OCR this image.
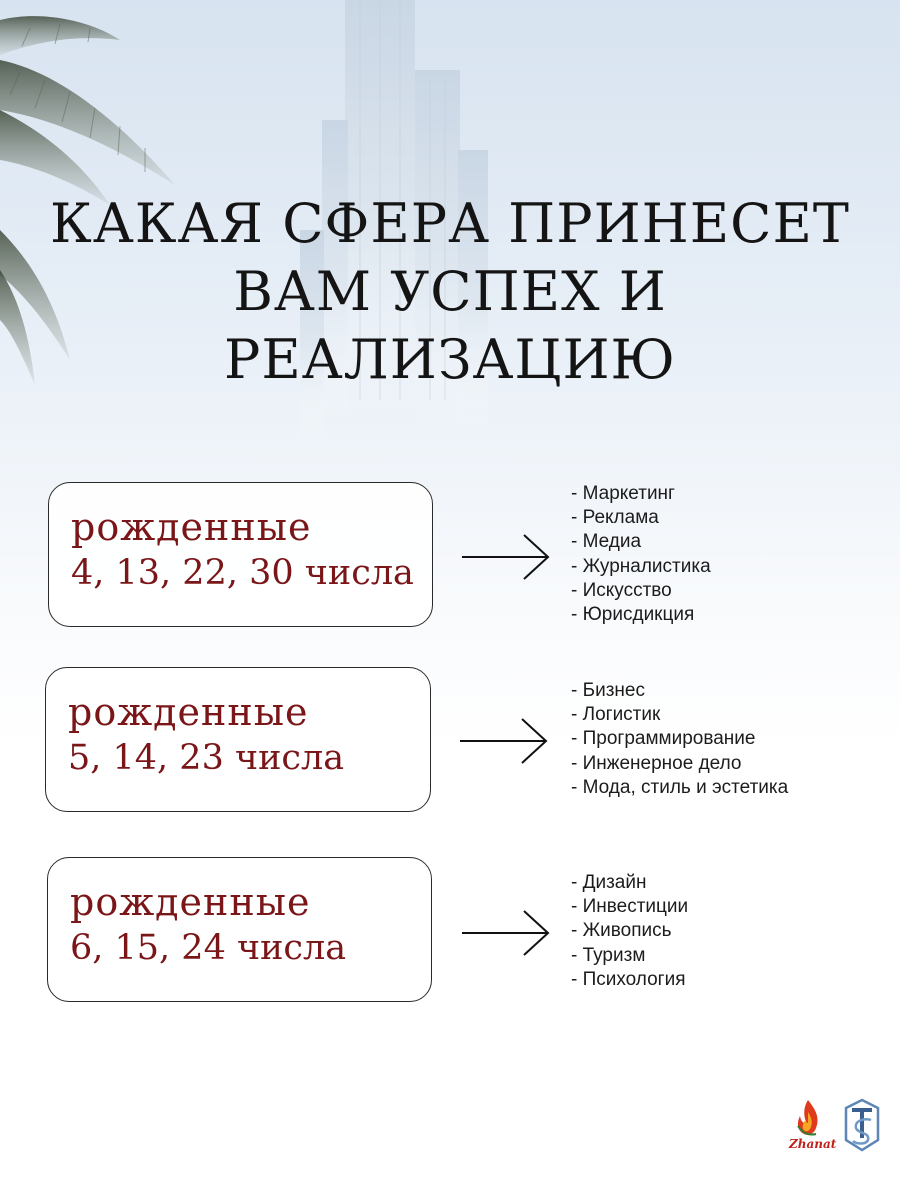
КАКАЯ СФЕРА ПРИНЕСЕТ
ВАМ УСПЕХ И
РЕАЛИЗАЦИЮ
рожденные
4, 13, 22, 30 числа
- Маркетинг
- Реклама
- Медиа
- Журналистика
- Искусство
- Юрисдикция
рожденные
5, 14, 23 числа
- Бизнес
- Логистик
- Программирование
- Инженерное дело
- Мода, стиль и эстетика
рожденные
6, 15, 24 числа
- Дизайн
- Инвестиции
- Живопись
- Туризм
- Психология
Zhanat
